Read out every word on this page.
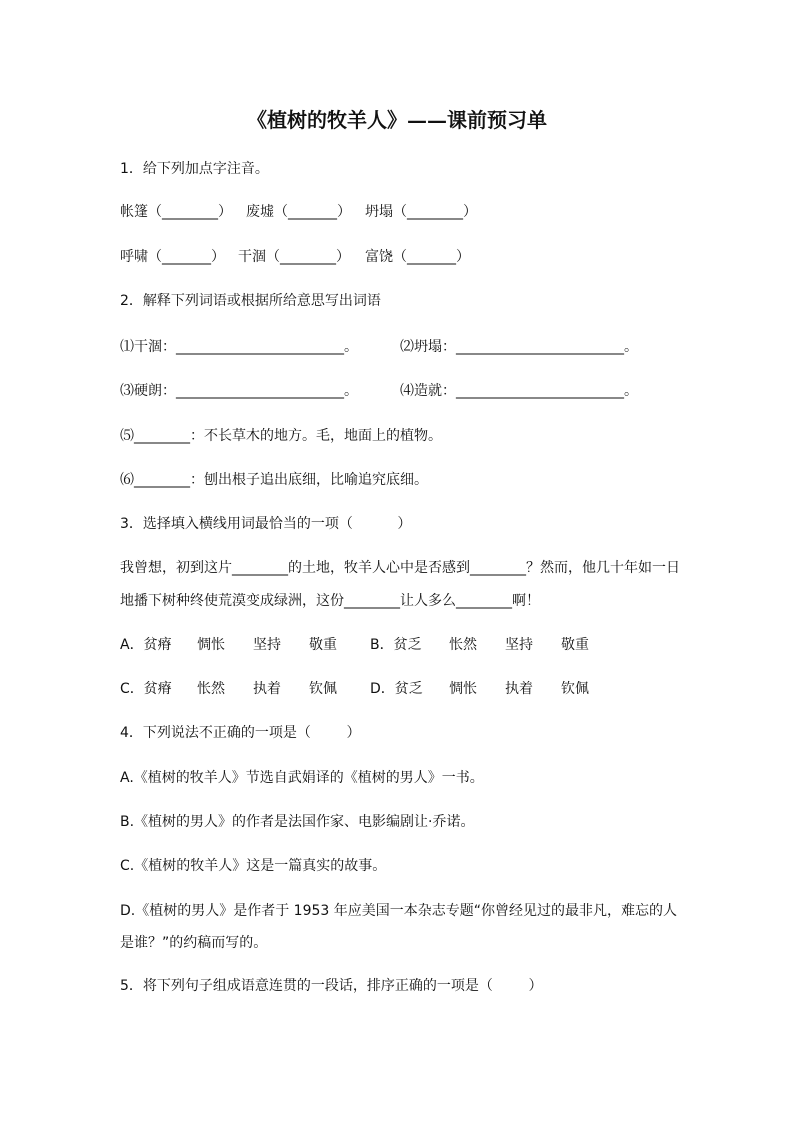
《植树的牧羊人》——课前预习单
1．给下列加点字注音。
帐篷（________） 废墟（_______） 坍塌（________）
呼啸（_______） 干涸（________） 富饶（_______）
2．解释下列词语或根据所给意思写出词语
⑴干涸：________________________。	⑵坍塌：________________________。
⑶硬朗：________________________。	⑷造就：________________________。
⑸________：不长草木的地方。毛，地面上的植物。
⑹________：刨出根子追出底细，比喻追究底细。
3．选择填入横线用词最恰当的一项（          ）
我曾想，初到这片________的土地，牧羊人心中是否感到________？然而，他几十年如一日
地播下树种终使荒漠变成绿洲，这份________让人多么________啊！
A．贫瘠 惆怅 坚持 敬重 B．贫乏 怅然 坚持 敬重
C．贫瘠 怅然 执着 钦佩 D．贫乏 惆怅 执着 钦佩
4．下列说法不正确的一项是（        ）
A.《植树的牧羊人》节选自武娟译的《植树的男人》一书。
B.《植树的男人》的作者是法国作家、电影编剧让·乔诺。
C.《植树的牧羊人》这是一篇真实的故事。
D.《植树的男人》是作者于 1953 年应美国一本杂志专题“你曾经见过的最非凡，难忘的人
是谁？”的约稿而写的。
5．将下列句子组成语意连贯的一段话，排序正确的一项是（        ）
